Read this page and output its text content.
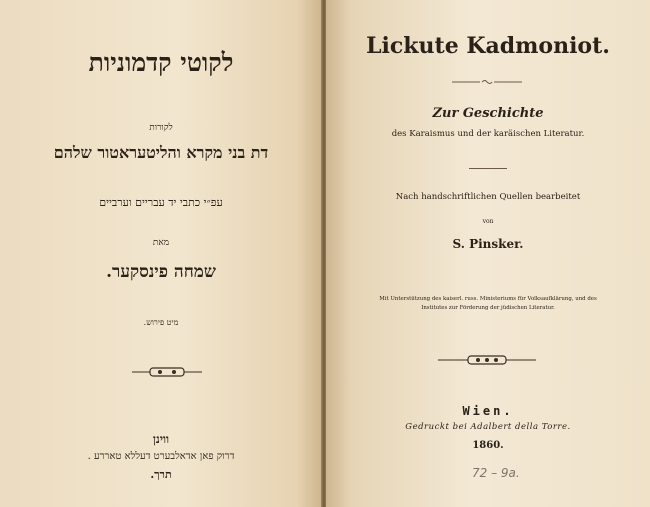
לקוטי קדמוניות
לקורות
דת בני מקרא והליטעראטור שלהם
עפ״י כתבי יד עבריים וערביים
מאת
שמחה פינסקער.
מיט פירוש.
ווינן
דרוק פאן אדאלבערט דעללא טאררע .
תרך.
Lickute Kadmoniot.
Zur Geschichte
des Karaismus und der karäischen Literatur.
Nach handschriftlichen Quellen bearbeitet
von
S. Pinsker.
Mit Unterstützung des kaiserl. russ. Ministeriums für Volksaufklärung, und des
Institutes zur Förderung der jüdischen Literatur.
Wien.
Gedruckt bei Adalbert della Torre.
1860.
72 – 9a.
